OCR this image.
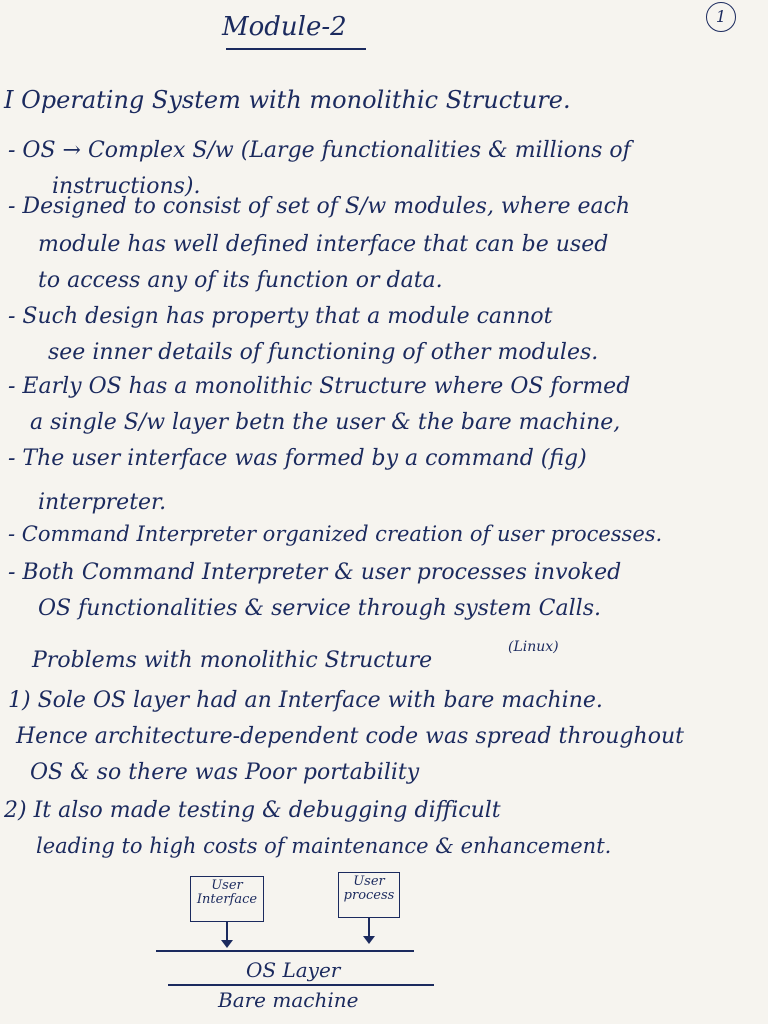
1
Module-2
I Operating System with monolithic Structure.
- OS → Complex S/w (Large functionalities & millions of
instructions).
- Designed to consist of set of S/w modules, where each
module has well defined interface that can be used
to access any of its function or data.
- Such design has property that a module cannot
see inner details of functioning of other modules.
- Early OS has a monolithic Structure where OS formed
a single S/w layer betn the user & the bare machine,
- The user interface was formed by a command (fig)
interpreter.
- Command Interpreter organized creation of user processes.
- Both Command Interpreter & user processes invoked
OS functionalities & service through system Calls.
Problems with monolithic Structure
(Linux)
1) Sole OS layer had an Interface with bare machine.
Hence architecture-dependent code was spread throughout
OS & so there was Poor portability
2) It also made testing & debugging difficult
leading to high costs of maintenance & enhancement.
User Interface
User process
OS Layer
Bare machine
